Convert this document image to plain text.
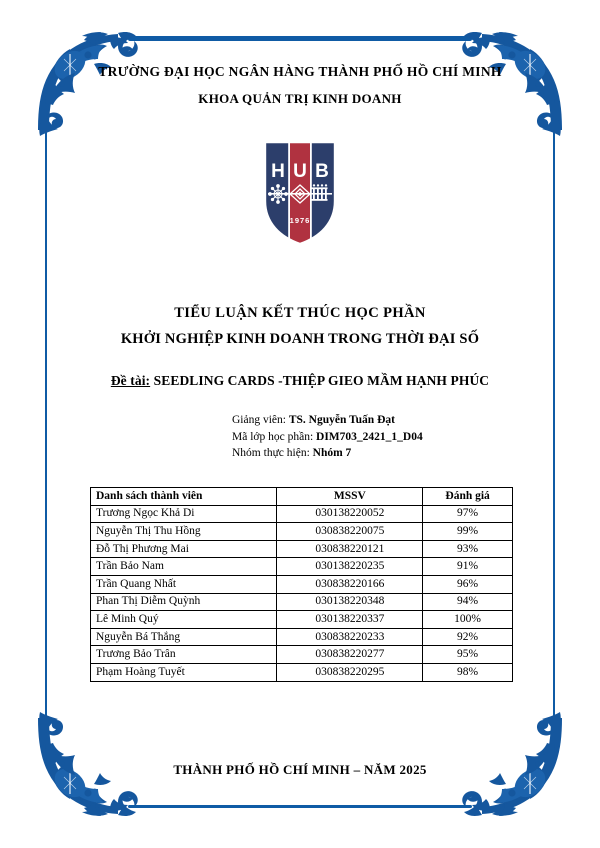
TRƯỜNG ĐẠI HỌC NGÂN HÀNG THÀNH PHỐ HỒ CHÍ MINH
KHOA QUẢN TRỊ KINH DOANH
H U B
1976
TIỂU LUẬN KẾT THÚC HỌC PHẦN
KHỞI NGHIỆP KINH DOANH TRONG THỜI ĐẠI SỐ
Đề tài: SEEDLING CARDS -THIỆP GIEO MẦM HẠNH PHÚC
Giảng viên: TS. Nguyễn Tuấn Đạt
Mã lớp học phần: DIM703_2421_1_D04
Nhóm thực hiện: Nhóm 7
Danh sách thành viên	MSSV	Đánh giá
Trương Ngọc Khả Di	030138220052	97%
Nguyễn Thị Thu Hồng	030838220075	99%
Đỗ Thị Phương Mai	030838220121	93%
Trần Bảo Nam	030138220235	91%
Trần Quang Nhất	030838220166	96%
Phan Thị Diễm Quỳnh	030138220348	94%
Lê Minh Quý	030138220337	100%
Nguyễn Bá Thắng	030838220233	92%
Trương Bảo Trân	030838220277	95%
Phạm Hoàng Tuyết	030838220295	98%
THÀNH PHỐ HỒ CHÍ MINH – NĂM 2025
